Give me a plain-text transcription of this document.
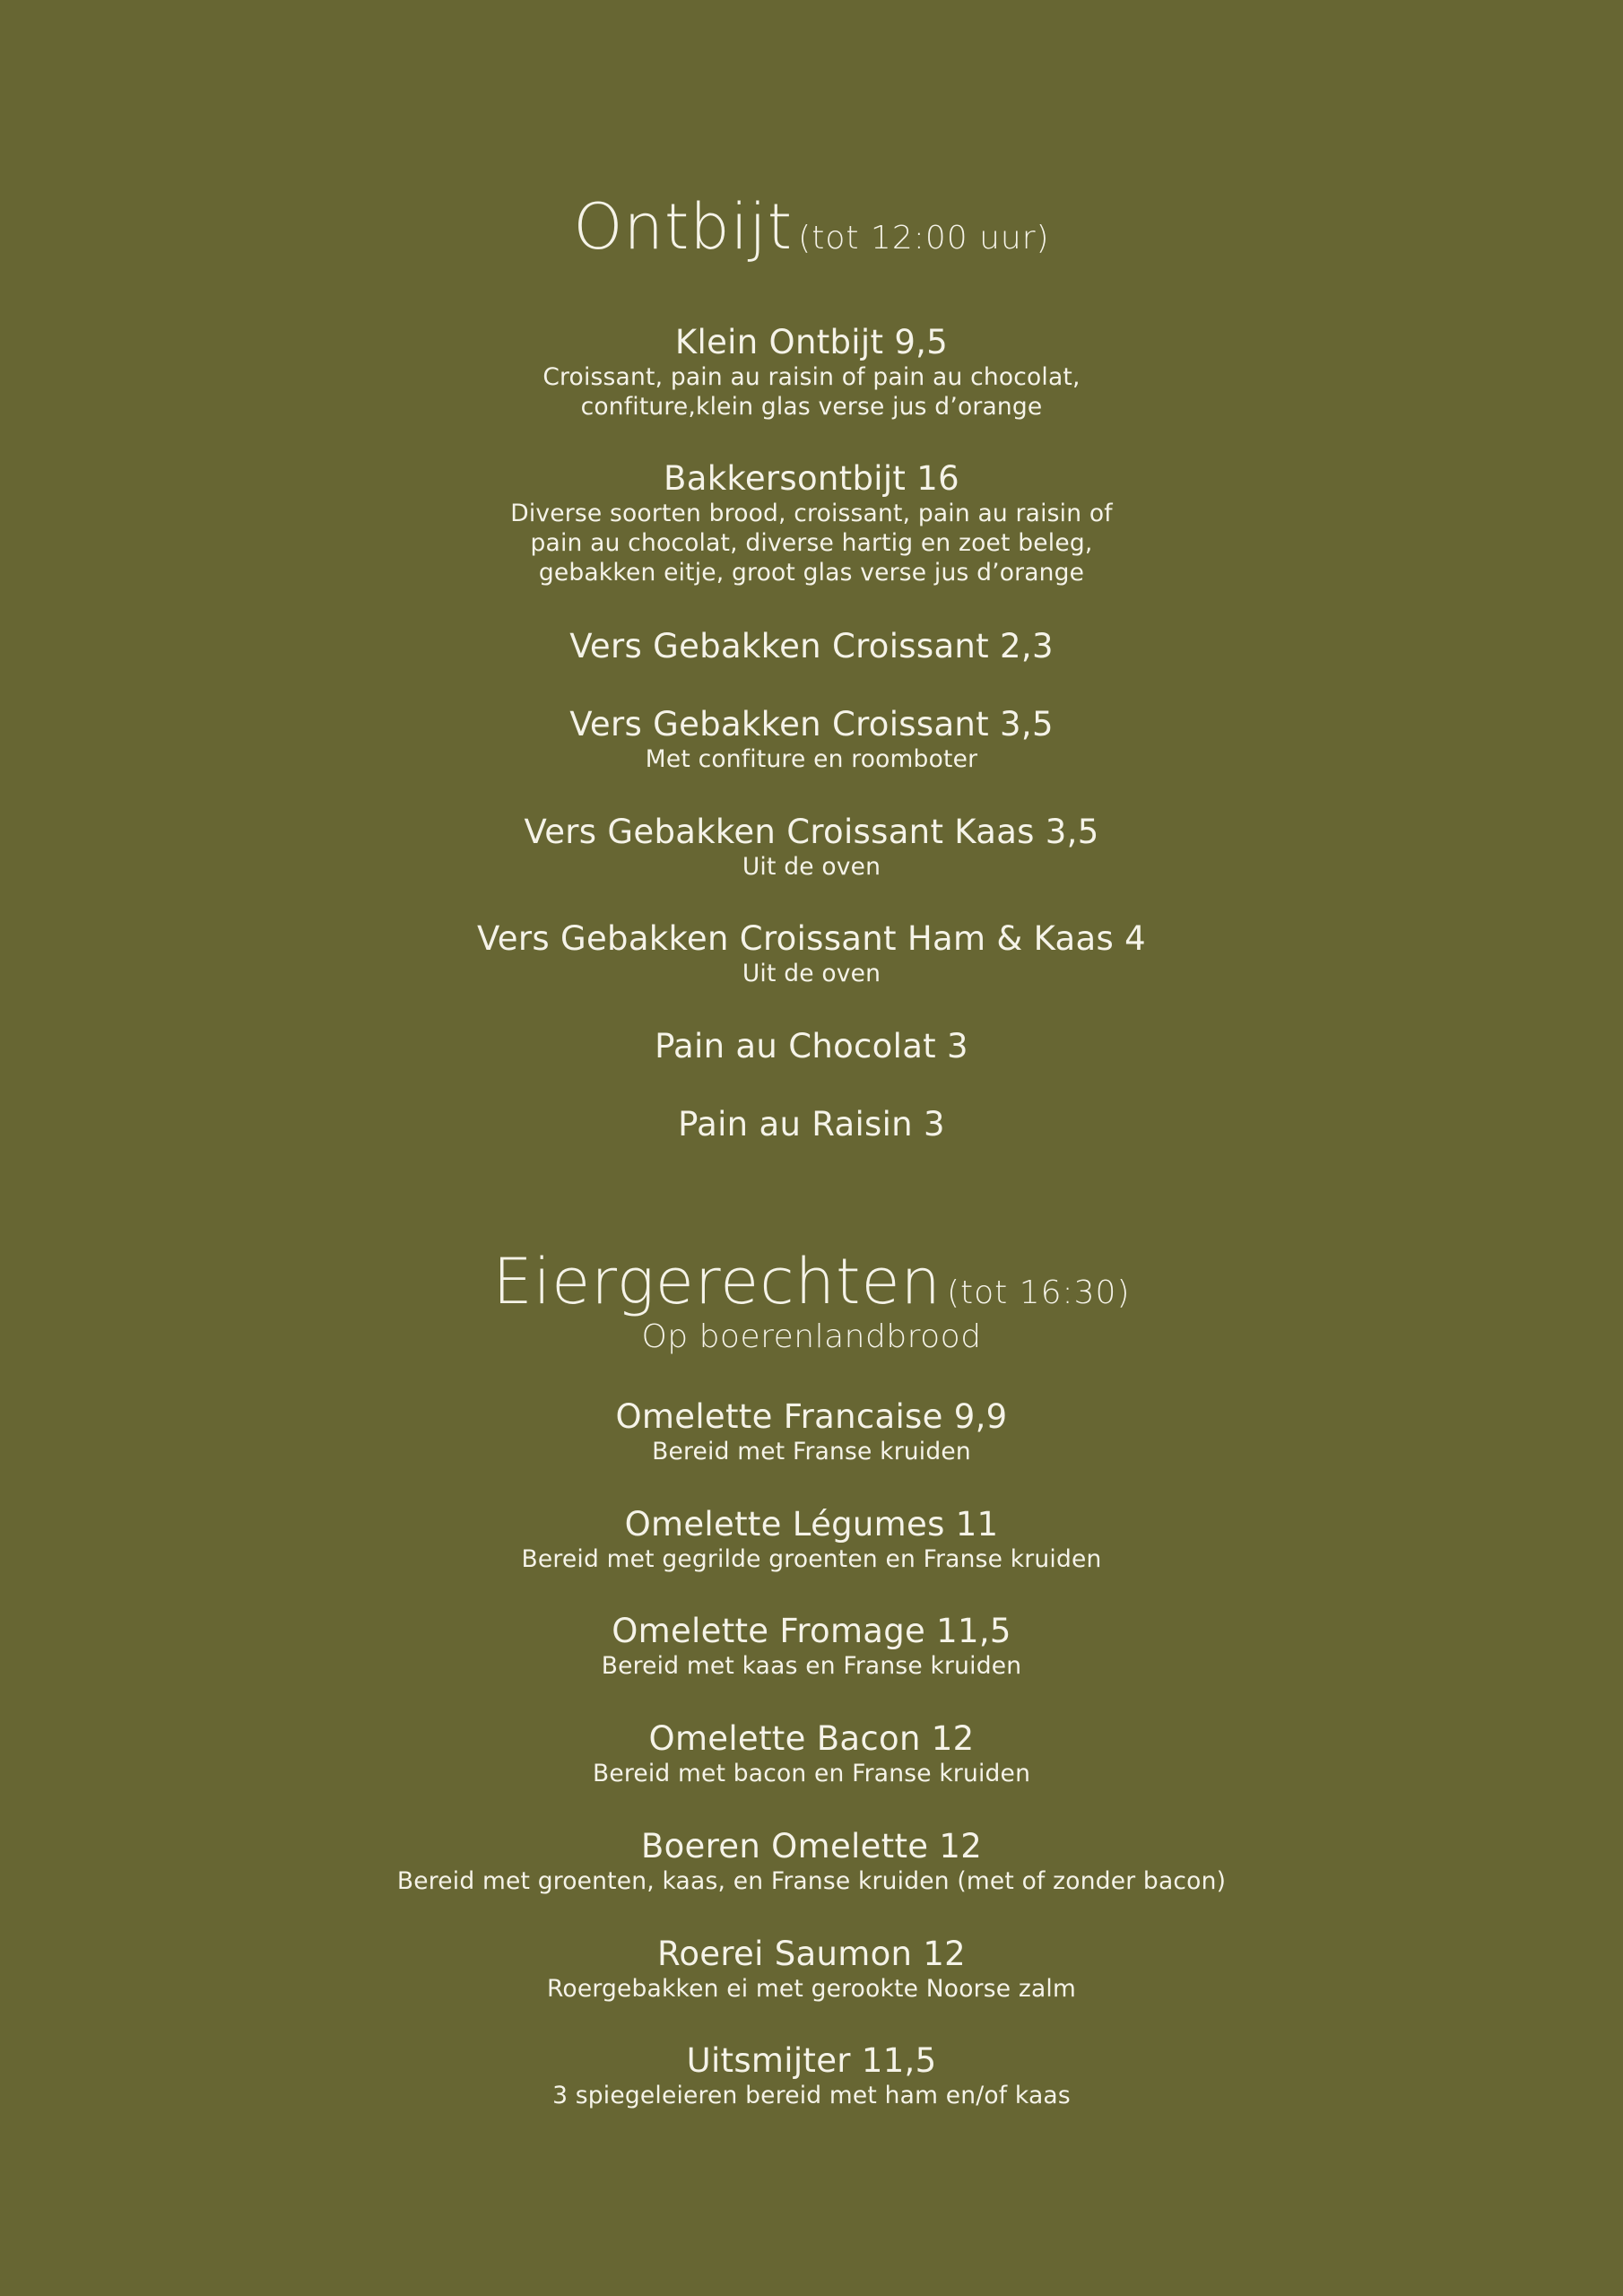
Ontbijt (tot 12:00 uur)
Klein Ontbijt 9,5
Croissant, pain au raisin of pain au chocolat, confiture,klein glas verse jus d’orange
Bakkersontbijt 16
Diverse soorten brood, croissant, pain au raisin of pain au chocolat, diverse hartig en zoet beleg, gebakken eitje, groot glas verse jus d’orange
Vers Gebakken Croissant 2,3
Vers Gebakken Croissant 3,5
Met confiture en roomboter
Vers Gebakken Croissant Kaas 3,5
Uit de oven
Vers Gebakken Croissant Ham & Kaas 4
Uit de oven
Pain au Chocolat 3
Pain au Raisin 3
Eiergerechten (tot 16:30)
Op boerenlandbrood
Omelette Francaise 9,9
Bereid met Franse kruiden
Omelette Légumes 11
Bereid met gegrilde groenten en Franse kruiden
Omelette Fromage 11,5
Bereid met kaas en Franse kruiden
Omelette Bacon 12
Bereid met bacon en Franse kruiden
Boeren Omelette 12
Bereid met groenten, kaas, en Franse kruiden (met of zonder bacon)
Roerei Saumon 12
Roergebakken ei met gerookte Noorse zalm
Uitsmijter 11,5
3 spiegeleieren bereid met ham en/of kaas
